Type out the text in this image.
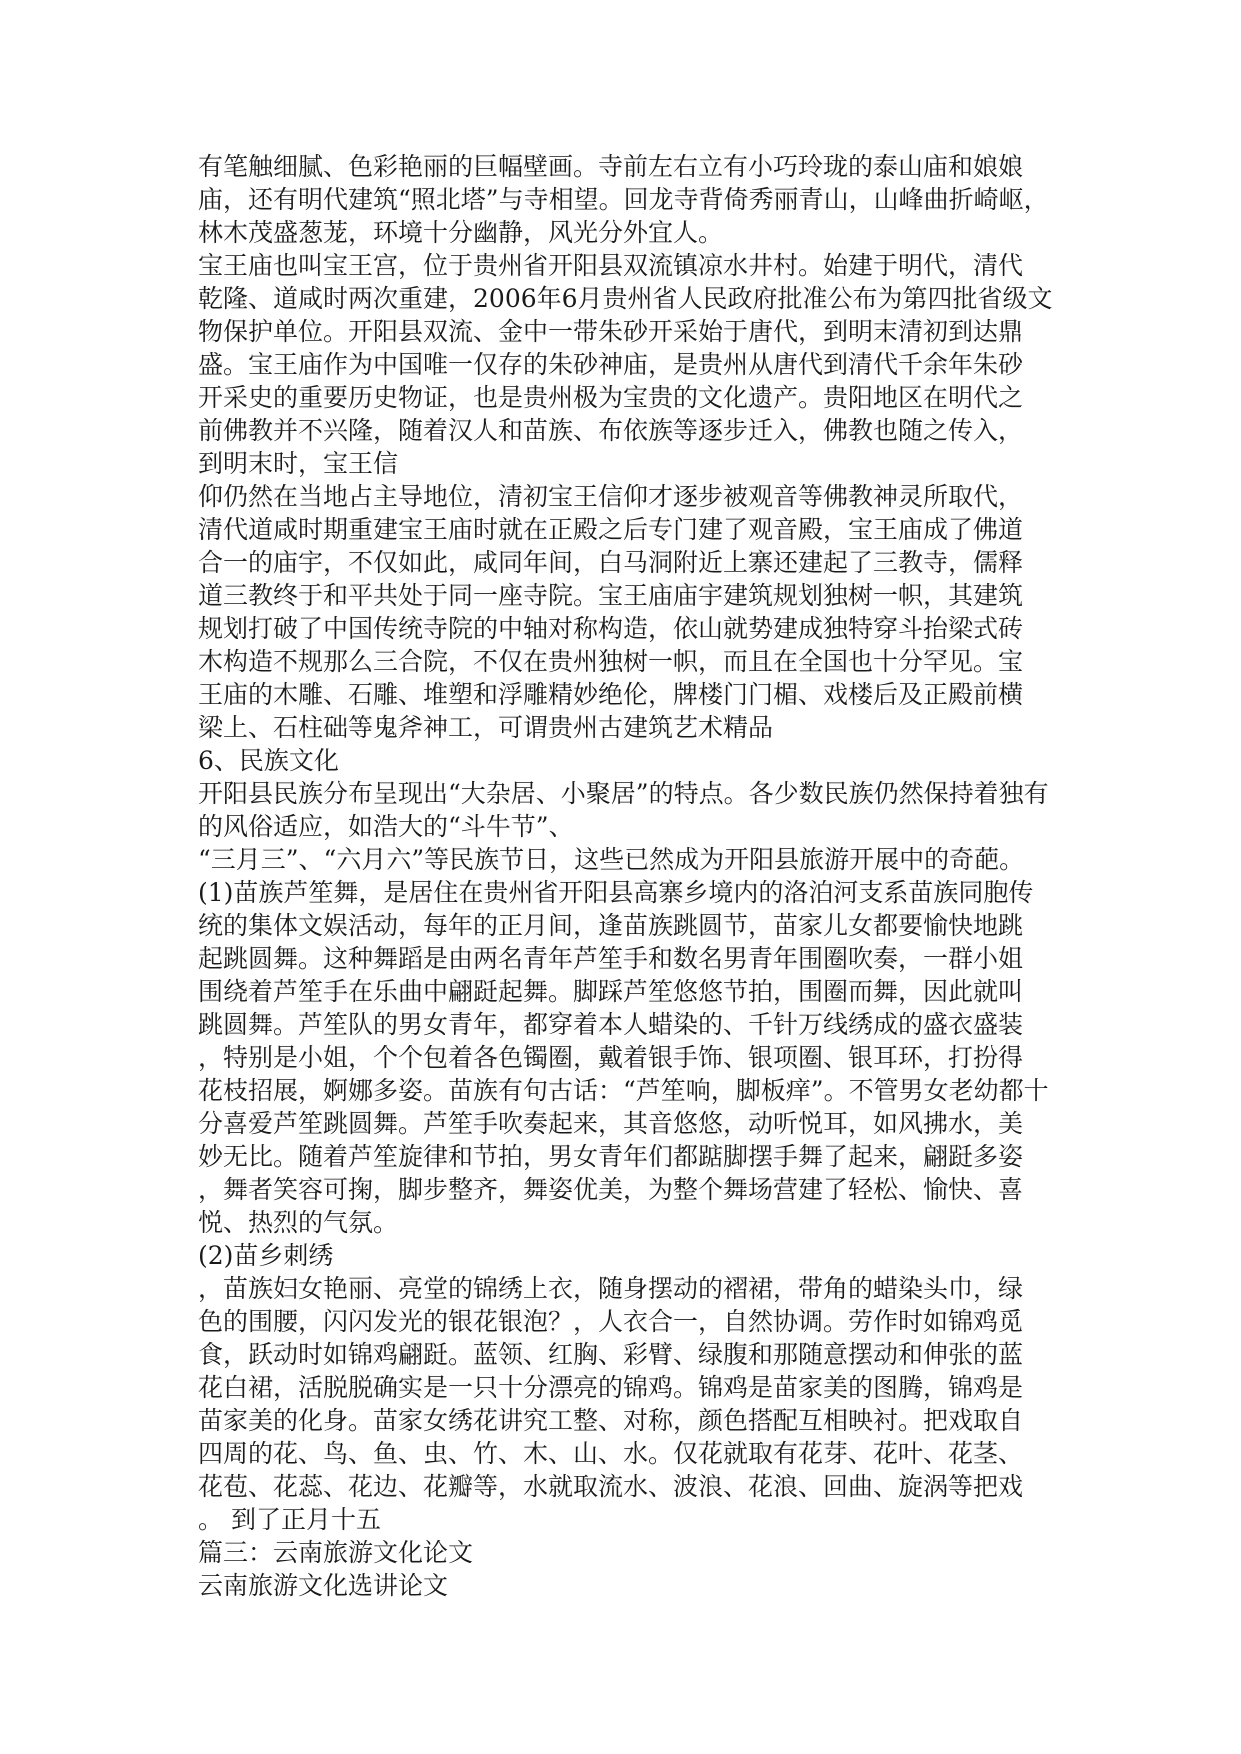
有笔触细腻、色彩艳丽的巨幅壁画。寺前左右立有小巧玲珑的泰山庙和娘娘

庙，还有明代建筑“照北塔”与寺相望。回龙寺背倚秀丽青山，山峰曲折崎岖，

林木茂盛葱茏，环境十分幽静，风光分外宜人。

宝王庙也叫宝王宫，位于贵州省开阳县双流镇凉水井村。始建于明代，清代

乾隆、道咸时两次重建，2006年6月贵州省人民政府批准公布为第四批省级文

物保护单位。开阳县双流、金中一带朱砂开采始于唐代，到明末清初到达鼎

盛。宝王庙作为中国唯一仅存的朱砂神庙，是贵州从唐代到清代千余年朱砂

开采史的重要历史物证，也是贵州极为宝贵的文化遗产。贵阳地区在明代之

前佛教并不兴隆，随着汉人和苗族、布依族等逐步迁入，佛教也随之传入，

到明末时，宝王信

仰仍然在当地占主导地位，清初宝王信仰才逐步被观音等佛教神灵所取代，

清代道咸时期重建宝王庙时就在正殿之后专门建了观音殿，宝王庙成了佛道

合一的庙宇，不仅如此，咸同年间，白马洞附近上寨还建起了三教寺，儒释

道三教终于和平共处于同一座寺院。宝王庙庙宇建筑规划独树一帜，其建筑

规划打破了中国传统寺院的中轴对称构造，依山就势建成独特穿斗抬梁式砖

木构造不规那么三合院，不仅在贵州独树一帜，而且在全国也十分罕见。宝

王庙的木雕、石雕、堆塑和浮雕精妙绝伦，牌楼门门楣、戏楼后及正殿前横

梁上、石柱础等鬼斧神工，可谓贵州古建筑艺术精品

6、民族文化

开阳县民族分布呈现出“大杂居、小聚居”的特点。各少数民族仍然保持着独有

的风俗适应，如浩大的“斗牛节”、

“三月三”、“六月六”等民族节日，这些已然成为开阳县旅游开展中的奇葩。

(1)苗族芦笙舞，是居住在贵州省开阳县高寨乡境内的洛泊河支系苗族同胞传

统的集体文娱活动，每年的正月间，逢苗族跳圆节，苗家儿女都要愉快地跳

起跳圆舞。这种舞蹈是由两名青年芦笙手和数名男青年围圈吹奏，一群小姐

围绕着芦笙手在乐曲中翩跹起舞。脚踩芦笙悠悠节拍，围圈而舞，因此就叫

跳圆舞。芦笙队的男女青年，都穿着本人蜡染的、千针万线绣成的盛衣盛装

，特别是小姐，个个包着各色镯圈，戴着银手饰、银项圈、银耳环，打扮得

花枝招展，婀娜多姿。苗族有句古话：“芦笙响，脚板痒”。不管男女老幼都十

分喜爱芦笙跳圆舞。芦笙手吹奏起来，其音悠悠，动听悦耳，如风拂水，美

妙无比。随着芦笙旋律和节拍，男女青年们都踮脚摆手舞了起来，翩跹多姿

，舞者笑容可掬，脚步整齐，舞姿优美，为整个舞场营建了轻松、愉快、喜

悦、热烈的气氛。

(2)苗乡刺绣

，苗族妇女艳丽、亮堂的锦绣上衣，随身摆动的褶裙，带角的蜡染头巾，绿

色的围腰，闪闪发光的银花银泡？，人衣合一，自然协调。劳作时如锦鸡觅

食，跃动时如锦鸡翩跹。蓝领、红胸、彩臂、绿腹和那随意摆动和伸张的蓝

花白裙，活脱脱确实是一只十分漂亮的锦鸡。锦鸡是苗家美的图腾，锦鸡是

苗家美的化身。苗家女绣花讲究工整、对称，颜色搭配互相映衬。把戏取自

四周的花、鸟、鱼、虫、竹、木、山、水。仅花就取有花芽、花叶、花茎、

花苞、花蕊、花边、花瓣等，水就取流水、波浪、花浪、回曲、旋涡等把戏

。 到了正月十五

篇三：云南旅游文化论文

云南旅游文化选讲论文
